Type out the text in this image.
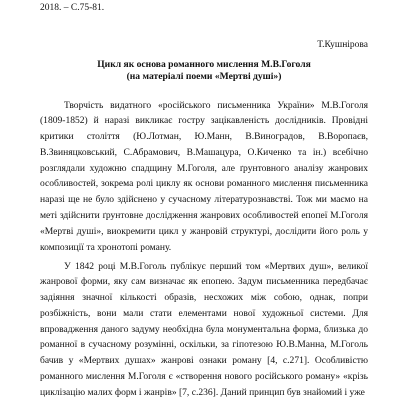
2018. – С.75-81.
Т.Кушнірова
Цикл як основа романного мислення М.В.Гоголя
(на матеріалі поеми «Мертві душі»)

Творчість видатного «російського письменника України» М.В.Гоголя (1809-1852) й наразі викликає гостру зацікавленість дослідників. Провідні критики століття (Ю.Лотман, Ю.Манн, В.Виноградов, В.Воропаєв, В.Звиняцковський, С.Абрамович, В.Машацура, О.Киченко та ін.) всебічно розглядали художню спадщину М.Гоголя, але ґрунтовного аналізу жанрових особливостей, зокрема ролі циклу як основи романного мислення письменника наразі ще не було здійснено у сучасному літературознавстві. Тож ми маємо на меті здійснити ґрунтовне дослідження жанрових особливостей епопеї М.Гоголя «Мертві душі», виокремити цикл у жанровій структурі, дослідити його роль у композиції та хронотопі роману.

У 1842 році М.В.Гоголь публікує перший том «Мертвих душ», великої жанрової форми, яку сам визначає як епопею. Задум письменника передбачає задіяння значної кількості образів, несхожих між собою, однак, попри розбіжність, вони мали стати елементами нової художньої системи. Для впровадження даного задуму необхідна була монументальна форма, близька до романної в сучасному розумінні, оскільки, за гіпотезою Ю.В.Манна, М.Гоголь бачив у «Мертвих душах» жанрові ознаки роману [4, с.271]. Особливістю романного мислення М.Гоголя є «створення нового російського роману» «крізь циклізацію малих форм і жанрів» [7, с.236]. Даний принцип був знайомий і уже
